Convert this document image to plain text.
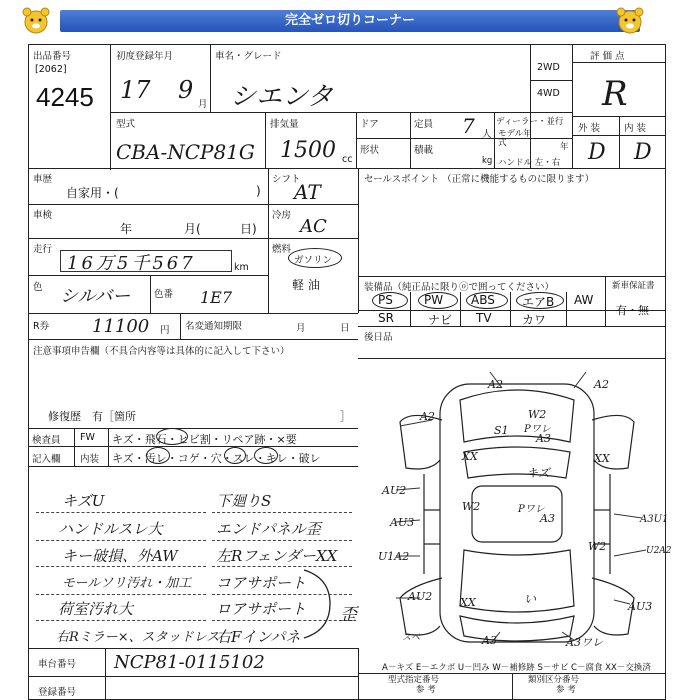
完全ゼロ切りコーナー
出品番号
[2062]
4245
初度登録年月
17 9
月
車名・グレード
シエンタ
2WD
4WD
評 価 点
R
型式
CBA-NCP81G
排気量
1500 cc
ドア	定員 7 人
ディーラー・並行
モデル年式	年
形状	積載
kg ハンドル 左・右
外 装	内 装
D D
車歴
自家用・(	)
シフト
AT
セールスポイント （正常に機能するものに限ります）
車検
年	月(	日)
冷房
AC
走行
16万5千567	km
燃料
ガソリン
軽 油
色 シルバー 色番 1E7
装備品（純正品に限りⓞで囲ってください）	新車保証書
有・無
PS	PW ABS エアB AW
SR	ナビ TV	カワ
後日品
R券 11100 円 名変通知期限	月	日
注意事項申告欄（不具合内容等は具体的に記入して下さい）
修復歴　有［箇所	］
検査員 FW キズ・飛石・ヒビ割・リペア跡・×要
記入欄 内装 キズ・汚レ・コゲ・穴・スレ・キレ・破レ
キズU
ハンドルスレ大
キー破損、外AW
モールソリ汚れ・加工
荷室汚れ大
右Rミラー×、スタッドレス
下廻りS
エンドパネル歪
左RフェンダーXX
コアサポート
ロアサポート
右Fインパネ
歪
車台番号 NCP81-0115102
登録番号
A－キズ E－エクボ U－凹み W－補修跡 S－サビ C－腐食 XX－交換済
型式指定番号
参 考
類別区分番号
参 考
A2	A2
A2
S1
W2
Pワレ
A3
XX	XX
キズ
AU2
W2	Pワレ
A3
AU3	A3U1
U1A2
W2	U2A2
AU2	XX	い
AU3
A3	A3ワレ
スベ
